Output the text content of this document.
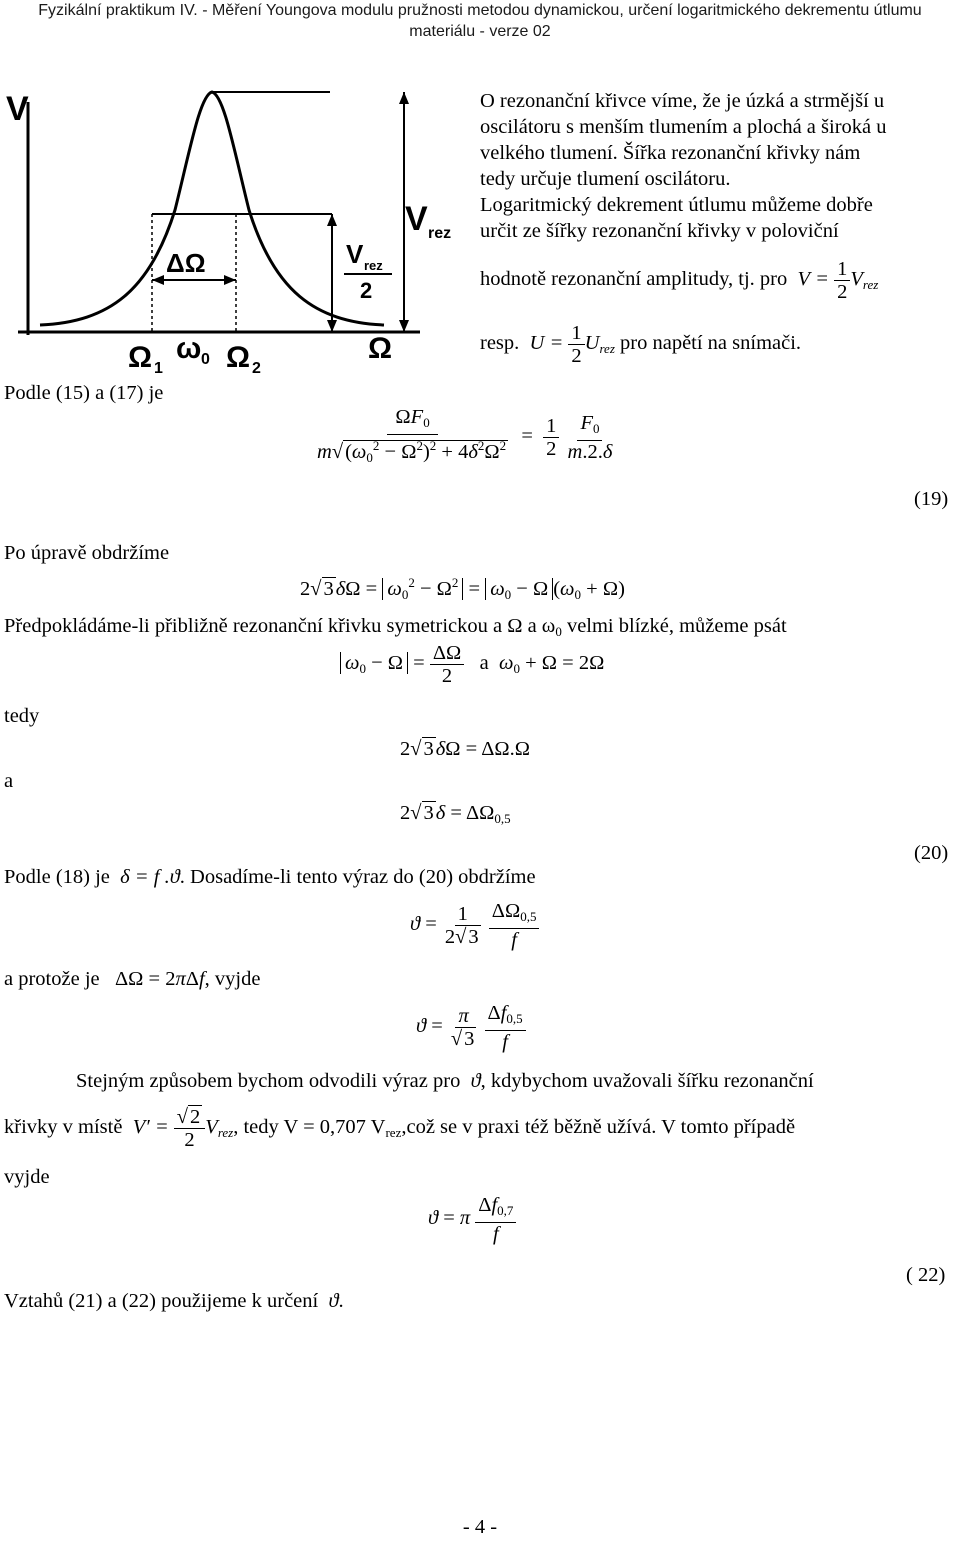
Fyzikální praktikum IV. - Měření Youngova modulu pružnosti metodou dynamickou, určení logaritmického dekrementu útlumu
materiálu - verze 02
V
V rez
V rez
2
ΔΩ
Ω 1
ω 0 Ω 2
Ω
O rezonanční křivce víme, že je úzká a strmější u
oscilátoru s menším tlumením a plochá a široká u
velkého tlumení. Šířka rezonanční křivky nám
tedy určuje tlumení oscilátoru.
Logaritmický dekrement útlumu můžeme dobře
určit ze šířky rezonanční křivky v poloviční
hodnotě rezonanční amplitudy, tj. pro  $V = \frac{1}{2} V_{rez}$
resp.  $U = \frac{1}{2} U_{rez}$ pro napětí na snímači.
Podle (15) a (17) je
$\frac{\Omega F_0}{m√(\omega_0^2 - \Omega^2)^2 + 4\delta^2\Omega^2} = \frac{1}{2}$
$\frac{F_0}{m.2.\delta}$
(19)
Po úpravě obdržíme
$2√3\delta\Omega = \omega_0^2 - \Omega^2 = \omega_0 - \Omega$ $(\omega_0 + \Omega)$
Předpokládáme-li přibližně rezonanční křivku symetrickou a Ω a $\omega_0$ velmi blízké, můžeme psát
$\omega_0 - \Omega = \frac{\Delta\Omega}{2}$ a  $\omega_0 + \Omega = 2\Omega$
tedy
2√3δΩ = ΔΩ.Ω
a
$2√3\delta = \Delta\Omega_{0,5}$
(20)
Podle (18) je  δ = f .ϑ. Dosadíme-li tento výraz do (20) obdržíme
$ϑ = \frac{1}{2√3}$
$\frac{\Delta\Omega_{0,5}}{f}$
a protože je   ΔΩ = 2πΔf, vyjde
$ϑ = \frac{\pi}{√3}$
$\frac{\Delta f_{0,5}}{f}$
Stejným způsobem bychom odvodili výraz pro  ϑ, kdybychom uvažovali šířku rezonanční
křivky v místě  $V' = \frac{√2}{2} V_{rez}$, tedy V = 0,707 $V_{rez},což$ se v praxi též běžně užívá. V tomto případě
vyjde
ϑ = π $\frac{\Delta f_{0,7}}{f}$
( 22)
Vztahů (21) a (22) použijeme k určení  ϑ.
- 4 -
